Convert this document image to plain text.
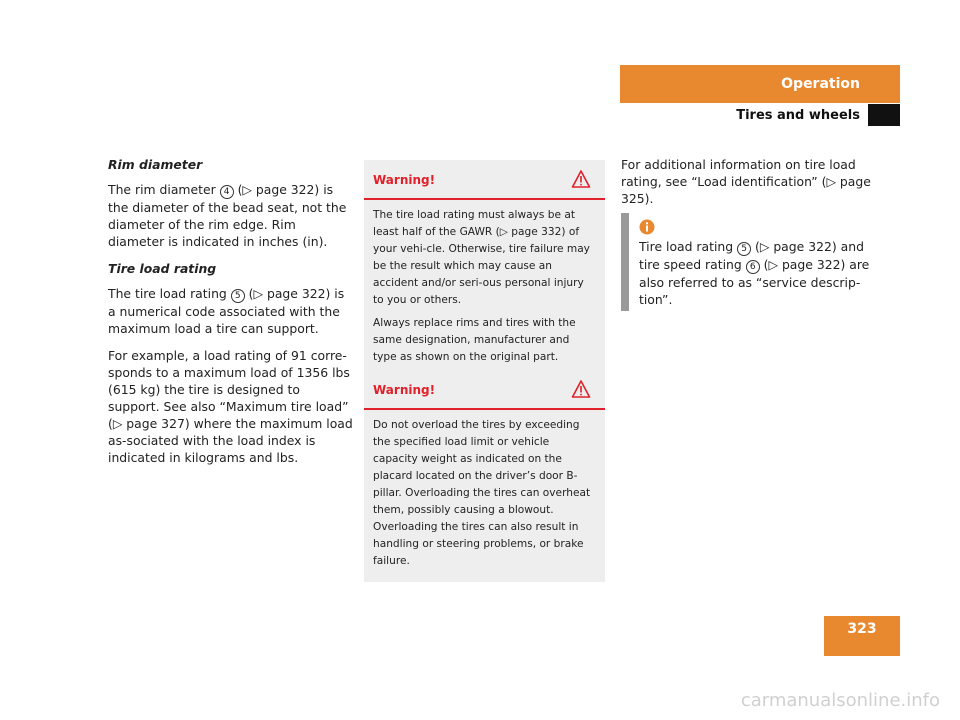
Operation
Tires and wheels
Rim diameter

The rim diameter 4 (▷ page 322) is the diameter of the bead seat, not the diameter of the rim edge. Rim diameter is indicated in inches (in).

Tire load rating

The tire load rating 5 (▷ page 322) is a numerical code associated with the maximum load a tire can support.

For example, a load rating of 91 corre-sponds to a maximum load of 1356 lbs (615 kg) the tire is designed to support. See also “Maximum tire load” (▷ page 327) where the maximum load as-sociated with the load index is indicated in kilograms and lbs.

Warning!

The tire load rating must always be at least half of the GAWR (▷ page 332) of your vehi-cle. Otherwise, tire failure may be the result which may cause an accident and/or seri-ous personal injury to you or others.

Always replace rims and tires with the same designation, manufacturer and type as shown on the original part.

Warning!

Do not overload the tires by exceeding the specified load limit or vehicle capacity weight as indicated on the placard located on the driver’s door B-pillar. Overloading the tires can overheat them, possibly causing a blowout. Overloading the tires can also result in handling or steering problems, or brake failure.

For additional information on tire load rating, see “Load identification” (▷ page 325).

Tire load rating 5 (▷ page 322) and tire speed rating 6 (▷ page 322) are also referred to as “service descrip-tion”.
323
carmanualsonline.info
